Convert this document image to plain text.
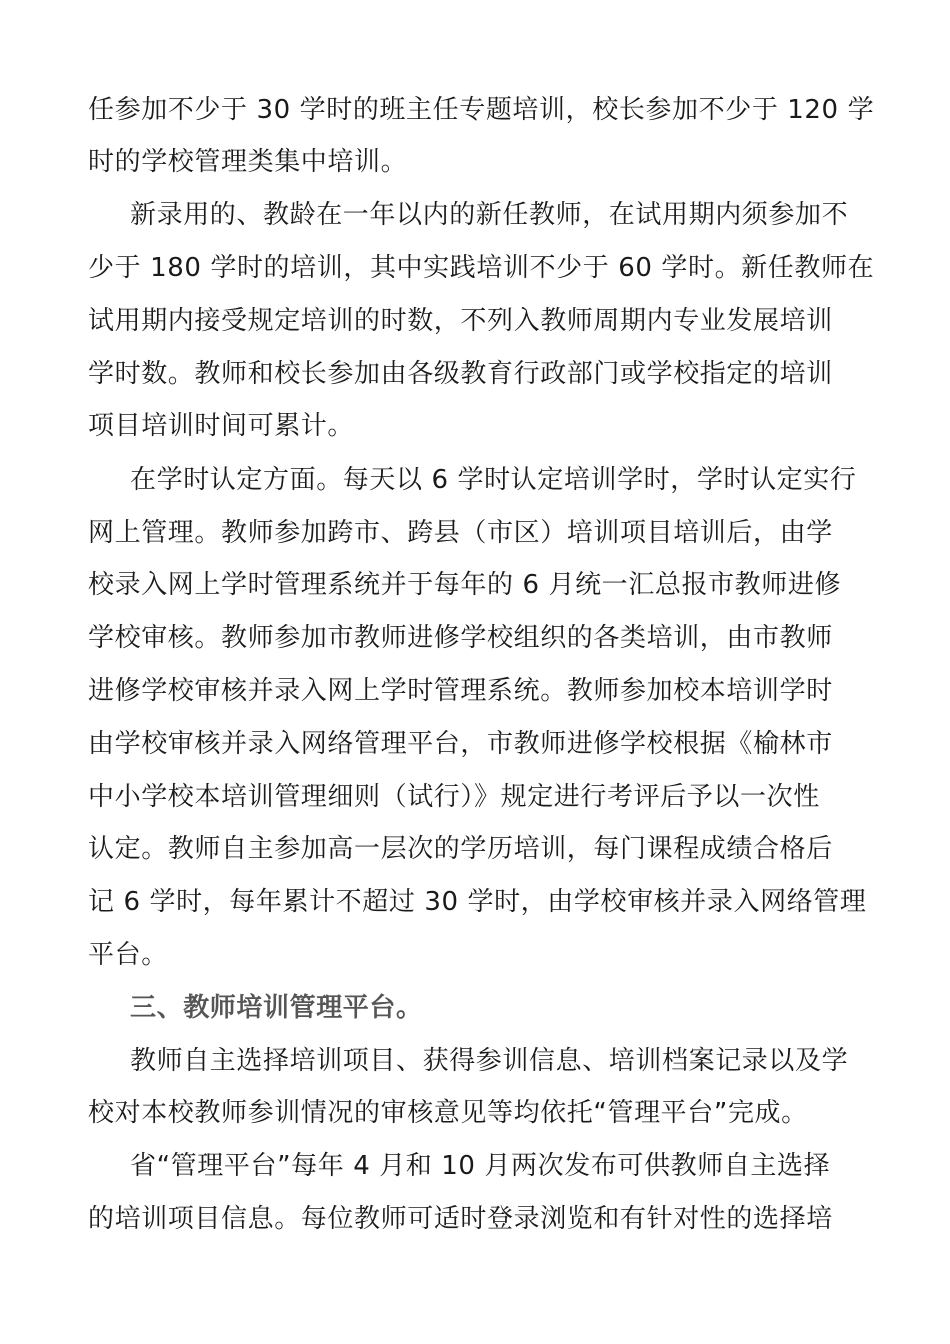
任参加不少于 30 学时的班主任专题培训，校长参加不少于 120 学
时的学校管理类集中培训。
新录用的、教龄在一年以内的新任教师，在试用期内须参加不
少于 180 学时的培训，其中实践培训不少于 60 学时。新任教师在
试用期内接受规定培训的时数，不列入教师周期内专业发展培训
学时数。教师和校长参加由各级教育行政部门或学校指定的培训
项目培训时间可累计。
在学时认定方面。每天以 6 学时认定培训学时，学时认定实行
网上管理。教师参加跨市、跨县（市区）培训项目培训后，由学
校录入网上学时管理系统并于每年的 6 月统一汇总报市教师进修
学校审核。教师参加市教师进修学校组织的各类培训，由市教师
进修学校审核并录入网上学时管理系统。教师参加校本培训学时
由学校审核并录入网络管理平台，市教师进修学校根据《榆林市
中小学校本培训管理细则（试行）》规定进行考评后予以一次性
认定。教师自主参加高一层次的学历培训，每门课程成绩合格后
记 6 学时，每年累计不超过 30 学时，由学校审核并录入网络管理
平台。
三、教师培训管理平台。
教师自主选择培训项目、获得参训信息、培训档案记录以及学
校对本校教师参训情况的审核意见等均依托“管理平台”完成。
省“管理平台”每年 4 月和 10 月两次发布可供教师自主选择
的培训项目信息。每位教师可适时登录浏览和有针对性的选择培
